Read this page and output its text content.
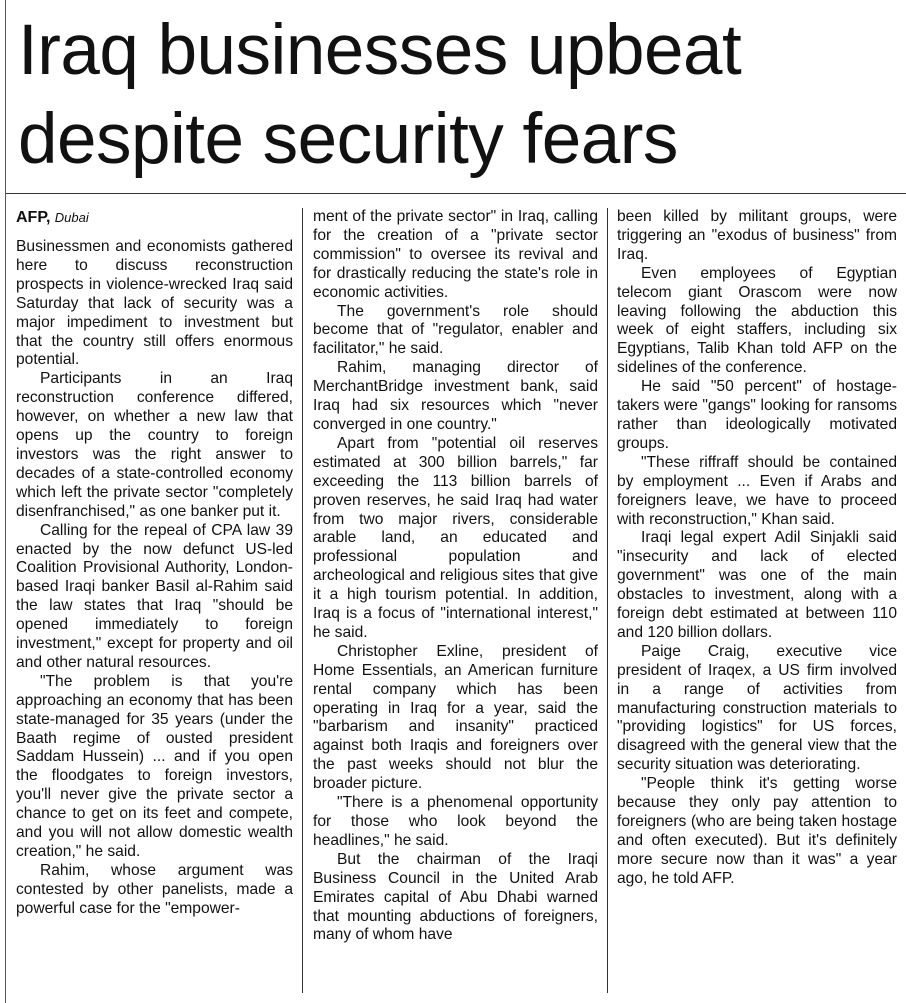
Iraq businesses upbeat
despite security fears
AFP, Dubai

Businessmen and economists gathered here to discuss reconstruction prospects in violence-wrecked Iraq said Saturday that lack of security was a major impediment to investment but that the country still offers enormous potential.

Participants in an Iraq reconstruction conference differed, however, on whether a new law that opens up the country to foreign investors was the right answer to decades of a state-controlled economy which left the private sector "completely disenfranchised," as one banker put it.

Calling for the repeal of CPA law 39 enacted by the now defunct US-led Coalition Provisional Authority, London-based Iraqi banker Basil al-Rahim said the law states that Iraq "should be opened immediately to foreign investment," except for property and oil and other natural resources.

"The problem is that you're approaching an economy that has been state-managed for 35 years (under the Baath regime of ousted president Saddam Hussein) ... and if you open the floodgates to foreign investors, you'll never give the private sector a chance to get on its feet and compete, and you will not allow domestic wealth creation," he said.

Rahim, whose argument was contested by other panelists, made a powerful case for the "empower-

ment of the private sector" in Iraq, calling for the creation of a "private sector commission" to oversee its revival and for drastically reducing the state's role in economic activities.

The government's role should become that of "regulator, enabler and facilitator," he said.

Rahim, managing director of MerchantBridge investment bank, said Iraq had six resources which "never converged in one country."

Apart from "potential oil reserves estimated at 300 billion barrels," far exceeding the 113 billion barrels of proven reserves, he said Iraq had water from two major rivers, considerable arable land, an educated and professional population and archeological and religious sites that give it a high tourism potential. In addition, Iraq is a focus of "international interest," he said.

Christopher Exline, president of Home Essentials, an American furniture rental company which has been operating in Iraq for a year, said the "barbarism and insanity" practiced against both Iraqis and foreigners over the past weeks should not blur the broader picture.

"There is a phenomenal opportunity for those who look beyond the headlines," he said.

But the chairman of the Iraqi Business Council in the United Arab Emirates capital of Abu Dhabi warned that mounting abductions of foreigners, many of whom have

been killed by militant groups, were triggering an "exodus of business" from Iraq.

Even employees of Egyptian telecom giant Orascom were now leaving following the abduction this week of eight staffers, including six Egyptians, Talib Khan told AFP on the sidelines of the conference.

He said "50 percent" of hostage-takers were "gangs" looking for ransoms rather than ideologically motivated groups.

"These riffraff should be contained by employment ... Even if Arabs and foreigners leave, we have to proceed with reconstruction," Khan said.

Iraqi legal expert Adil Sinjakli said "insecurity and lack of elected government" was one of the main obstacles to investment, along with a foreign debt estimated at between 110 and 120 billion dollars.

Paige Craig, executive vice president of Iraqex, a US firm involved in a range of activities from manufacturing construction materials to "providing logistics" for US forces, disagreed with the general view that the security situation was deteriorating.

"People think it's getting worse because they only pay attention to foreigners (who are being taken hostage and often executed). But it's definitely more secure now than it was" a year ago, he told AFP.
